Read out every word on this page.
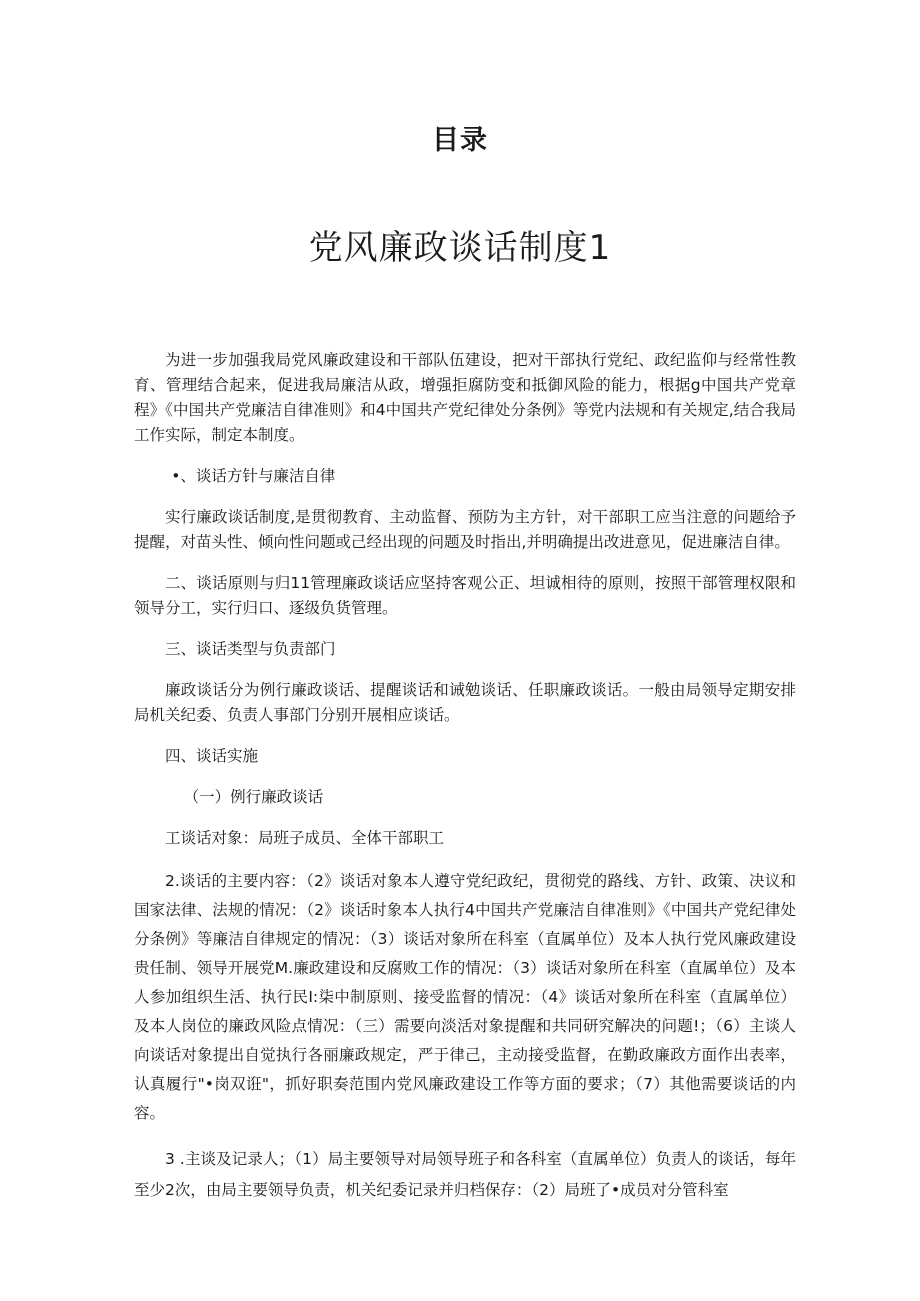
目录
党风廉政谈话制度1

为进一步加强我局党风廉政建设和干部队伍建设，把对干部执行党纪、政纪监仰与经常性教育、管理结合起来，促进我局廉洁从政，增强拒腐防变和抵御风险的能力，根据g中国共产党章程》《中国共产党廉洁自律准则》和4中国共产党纪律处分条例》等党内法规和有关规定,结合我局工作实际，制定本制度。

•、谈话方针与廉洁自律

实行廉政谈话制度,是贯彻教育、主动监督、预防为主方针，对干部职工应当注意的问题给予提醒，对苗头性、倾向性问题或己经出现的问题及时指出,并明确提出改进意见，促进廉洁自律。

二、谈话原则与归11管理廉政谈话应坚持客观公正、坦诚相待的原则，按照干部管理权限和领导分工，实行归口、逐级负货管理。

三、谈话类型与负责部门

廉政谈话分为例行廉政谈话、提醒谈话和诫勉谈话、任职廉政谈话。一般由局领导定期安排局机关纪委、负责人事部门分别开展相应谈话。

四、谈话实施

（一）例行廉政谈话

工谈话对象：局班子成员、全体干部职工

2.谈话的主要内容：（2》谈话对象本人遵守党纪政纪，贯彻党的路线、方针、政策、决议和国家法律、法规的情况：（2》谈话时象本人执行4中国共产党廉洁自律准则》《中国共产党纪律处分条例》等廉洁自律规定的情况：（3）谈话对象所在科室（直属单位）及本人执行党风廉政建设贵任制、领导开展党M.廉政建设和反腐败工作的情况：（3）谈话对象所在科室（直属单位）及本人参加组织生活、执行民I:柒中制原则、接受监督的情况：（4》谈话对象所在科室（直属单位）及本人岗位的廉政风险点情况：（三）需要向淡活对象提醒和共同研究解决的问题!；（6）主谈人向谈话对象提出自觉执行各丽廉政规定，严于律己，主动接受监督，在勤政廉政方面作出表率，认真履行"•岗双诳"，抓好职奏范围内党风廉政建设工作等方面的要求；（7）其他需要谈话的内容。

3 .主谈及记录人；（1）局主要领导对局领导班子和各科室（直属单位）负责人的谈话，每年至少2次，由局主要领导负责，机关纪委记录并归档保存：（2）局班了•成员对分管科室
